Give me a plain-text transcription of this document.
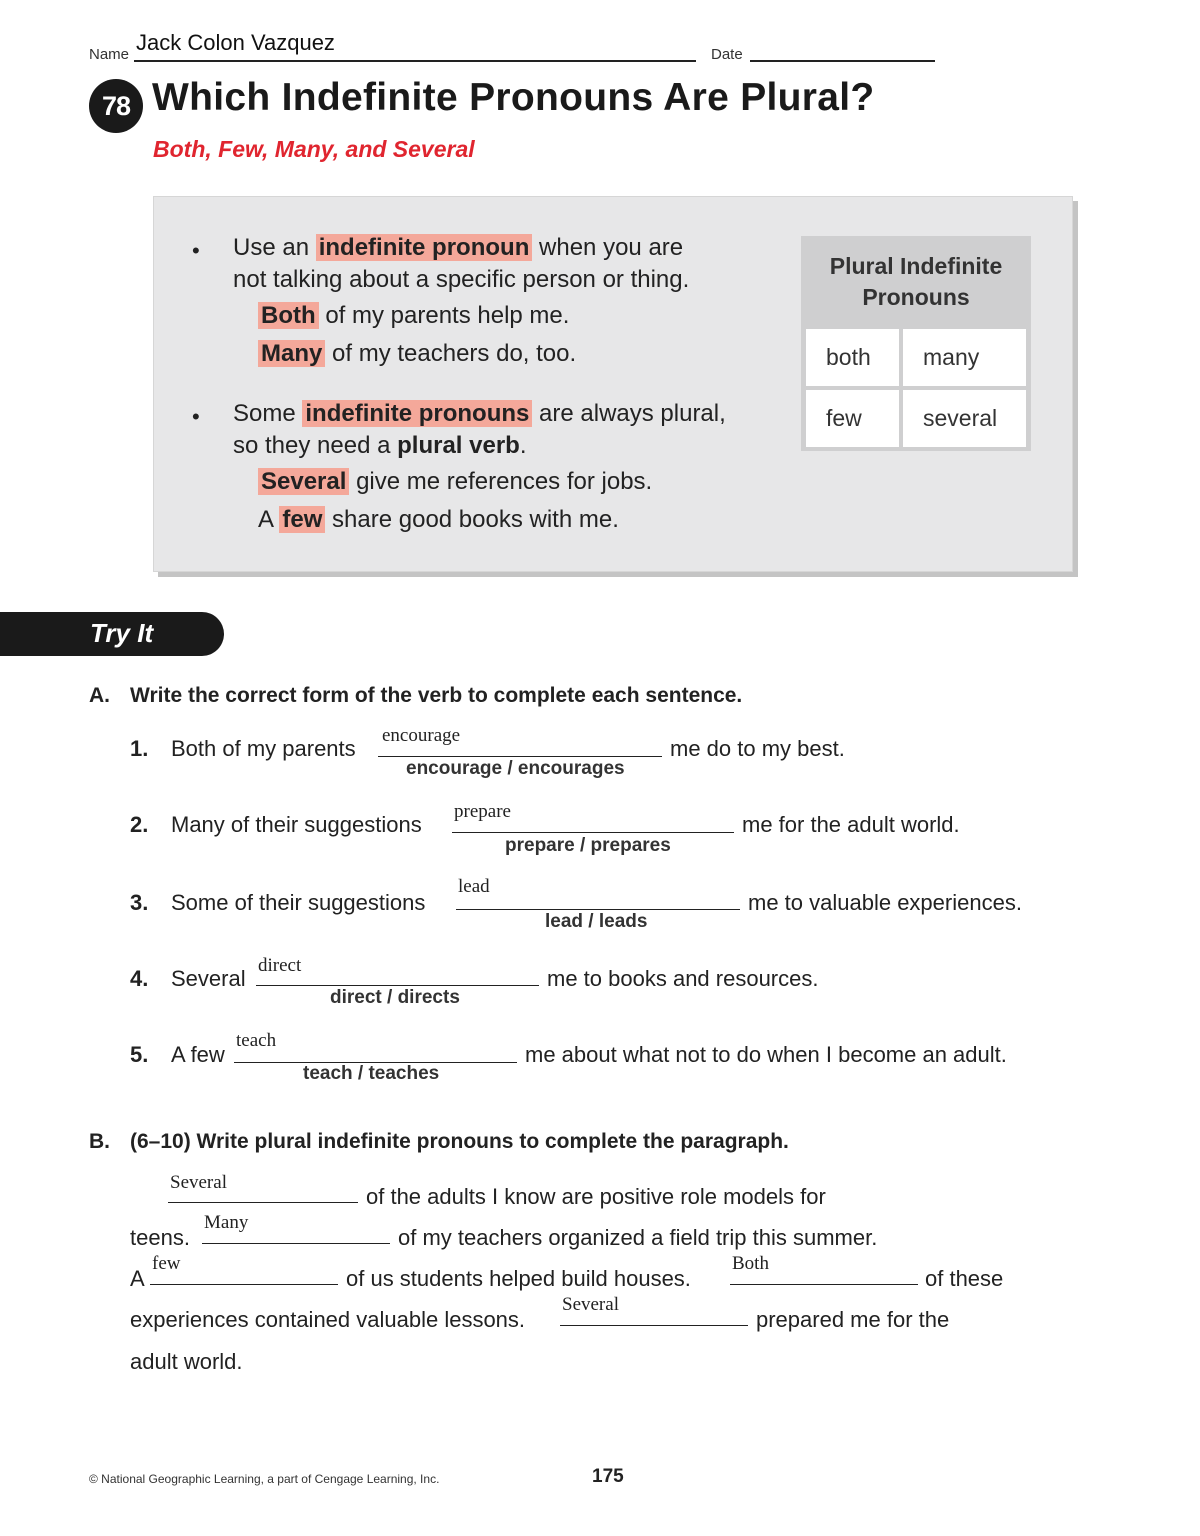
Name Jack Colon Vazquez	Date
78 Which Indefinite Pronouns Are Plural?
Both, Few, Many, and Several
• Use an indefinite pronoun when you are
not talking about a specific person or thing.
Both of my parents help me.
Many of my teachers do, too.
• Some indefinite pronouns are always plural,
so they need a plural verb.
Several give me references for jobs.
A few share good books with me.
Plural Indefinite Pronouns
both	many
few	several
Try It
A. Write the correct form of the verb to complete each sentence.
1. Both of my parents
encourage
me do to my best.
encourage / encourages
2. Many of their suggestions
prepare
me for the adult world.
prepare / prepares
3. Some of their suggestions
lead
me to valuable experiences.
lead / leads
4. Several
direct
me to books and resources.
direct / directs
5. A few
teach
me about what not to do when I become an adult.
teach / teaches
B. (6–10) Write plural indefinite pronouns to complete the paragraph.
Several
of the adults I know are positive role models for
teens.
Many
of my teachers organized a field trip this summer.
A
few
of us students helped build houses.
Both
of these
experiences contained valuable lessons.
Several
prepared me for the
adult world.
© National Geographic Learning, a part of Cengage Learning, Inc.	175
